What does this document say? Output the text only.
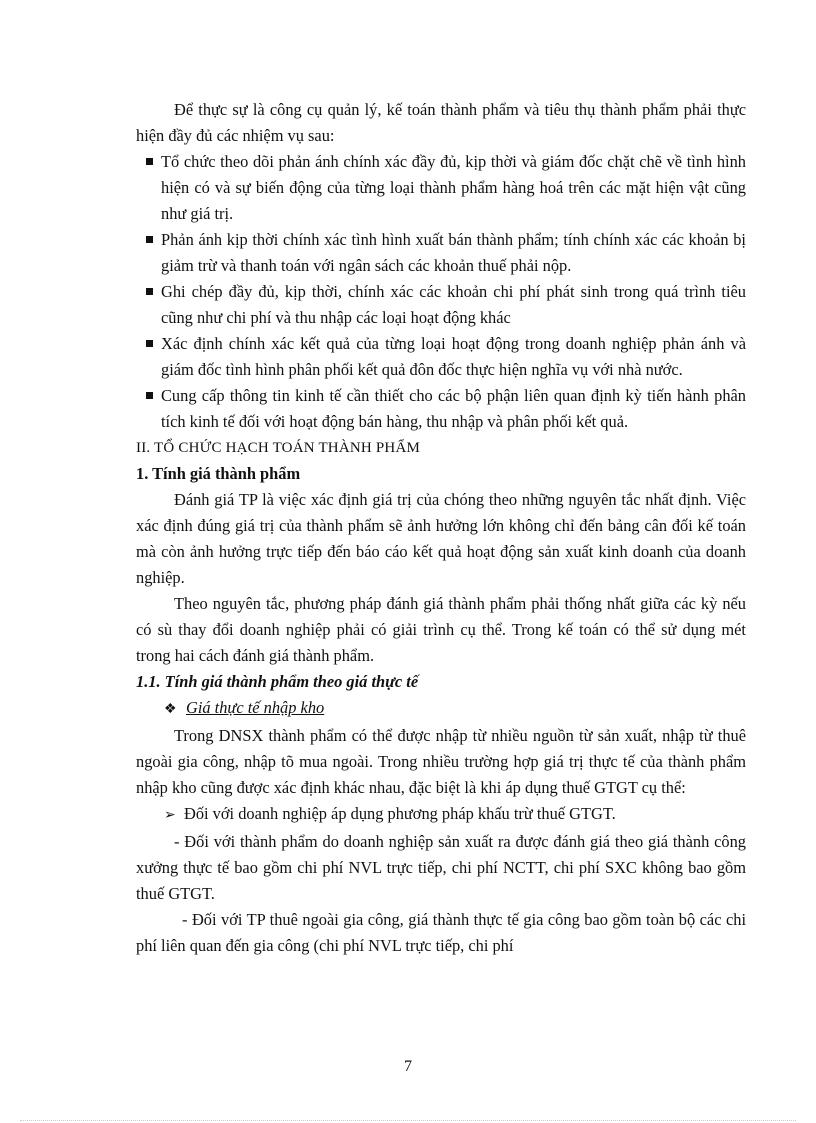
Để thực sự là công cụ quản lý, kế toán thành phẩm và tiêu thụ thành phẩm phải thực hiện đầy đủ các nhiệm vụ sau:

Tổ chức theo dõi phản ánh chính xác đầy đủ, kịp thời và giám đốc chặt chẽ về tình hình hiện có và sự biến động của từng loại thành phẩm hàng hoá trên các mặt hiện vật cũng như giá trị.
Phản ánh kịp thời chính xác tình hình xuất bán thành phẩm; tính chính xác các khoản bị giảm trừ và thanh toán với ngân sách các khoản thuế phải nộp.
Ghi chép đầy đủ, kịp thời, chính xác các khoản chi phí phát sinh trong quá trình tiêu cũng như chi phí và thu nhập các loại hoạt động khác
Xác định chính xác kết quả của từng loại hoạt động trong doanh nghiệp phản ánh và giám đốc tình hình phân phối kết quả đôn đốc thực hiện nghĩa vụ với nhà nước.
Cung cấp thông tin kinh tế cần thiết cho các bộ phận liên quan định kỳ tiến hành phân tích kinh tế đối với hoạt động bán hàng, thu nhập và phân phối kết quả.

II. TỔ CHỨC HẠCH TOÁN THÀNH PHẨM

1. Tính giá thành phẩm

Đánh giá TP là việc xác định giá trị của chóng theo những nguyên tắc nhất định. Việc xác định đúng giá trị của thành phẩm sẽ ảnh hưởng lớn không chỉ đến bảng cân đối kế toán mà còn ảnh hưởng trực tiếp đến báo cáo kết quả hoạt động sản xuất kinh doanh của doanh nghiệp.

Theo nguyên tắc, phương pháp đánh giá thành phẩm phải thống nhất giữa các kỳ nếu có sù thay đổi doanh nghiệp phải có giải trình cụ thể. Trong kế toán có thể sử dụng mét trong hai cách đánh giá thành phẩm.

1.1. Tính giá thành phẩm theo giá thực tế

❖ Giá thực tế nhập kho

Trong DNSX thành phẩm có thể được nhập từ nhiều nguồn từ sản xuất, nhập từ thuê ngoài gia công, nhập tõ mua ngoài. Trong nhiều trường hợp giá trị thực tế của thành phẩm nhập kho cũng được xác định khác nhau, đặc biệt là khi áp dụng thuế GTGT cụ thể:

➢ Đối với doanh nghiệp áp dụng phương pháp khấu trừ thuế GTGT.

- Đối với thành phẩm do doanh nghiệp sản xuất ra được đánh giá theo giá thành công xưởng thực tế bao gồm chi phí NVL trực tiếp, chi phí NCTT, chi phí SXC không bao gồm thuế GTGT.

- Đối với TP thuê ngoài gia công, giá thành thực tế gia công bao gồm toàn bộ các chi phí liên quan đến gia công (chi phí NVL trực tiếp, chi phí

7
